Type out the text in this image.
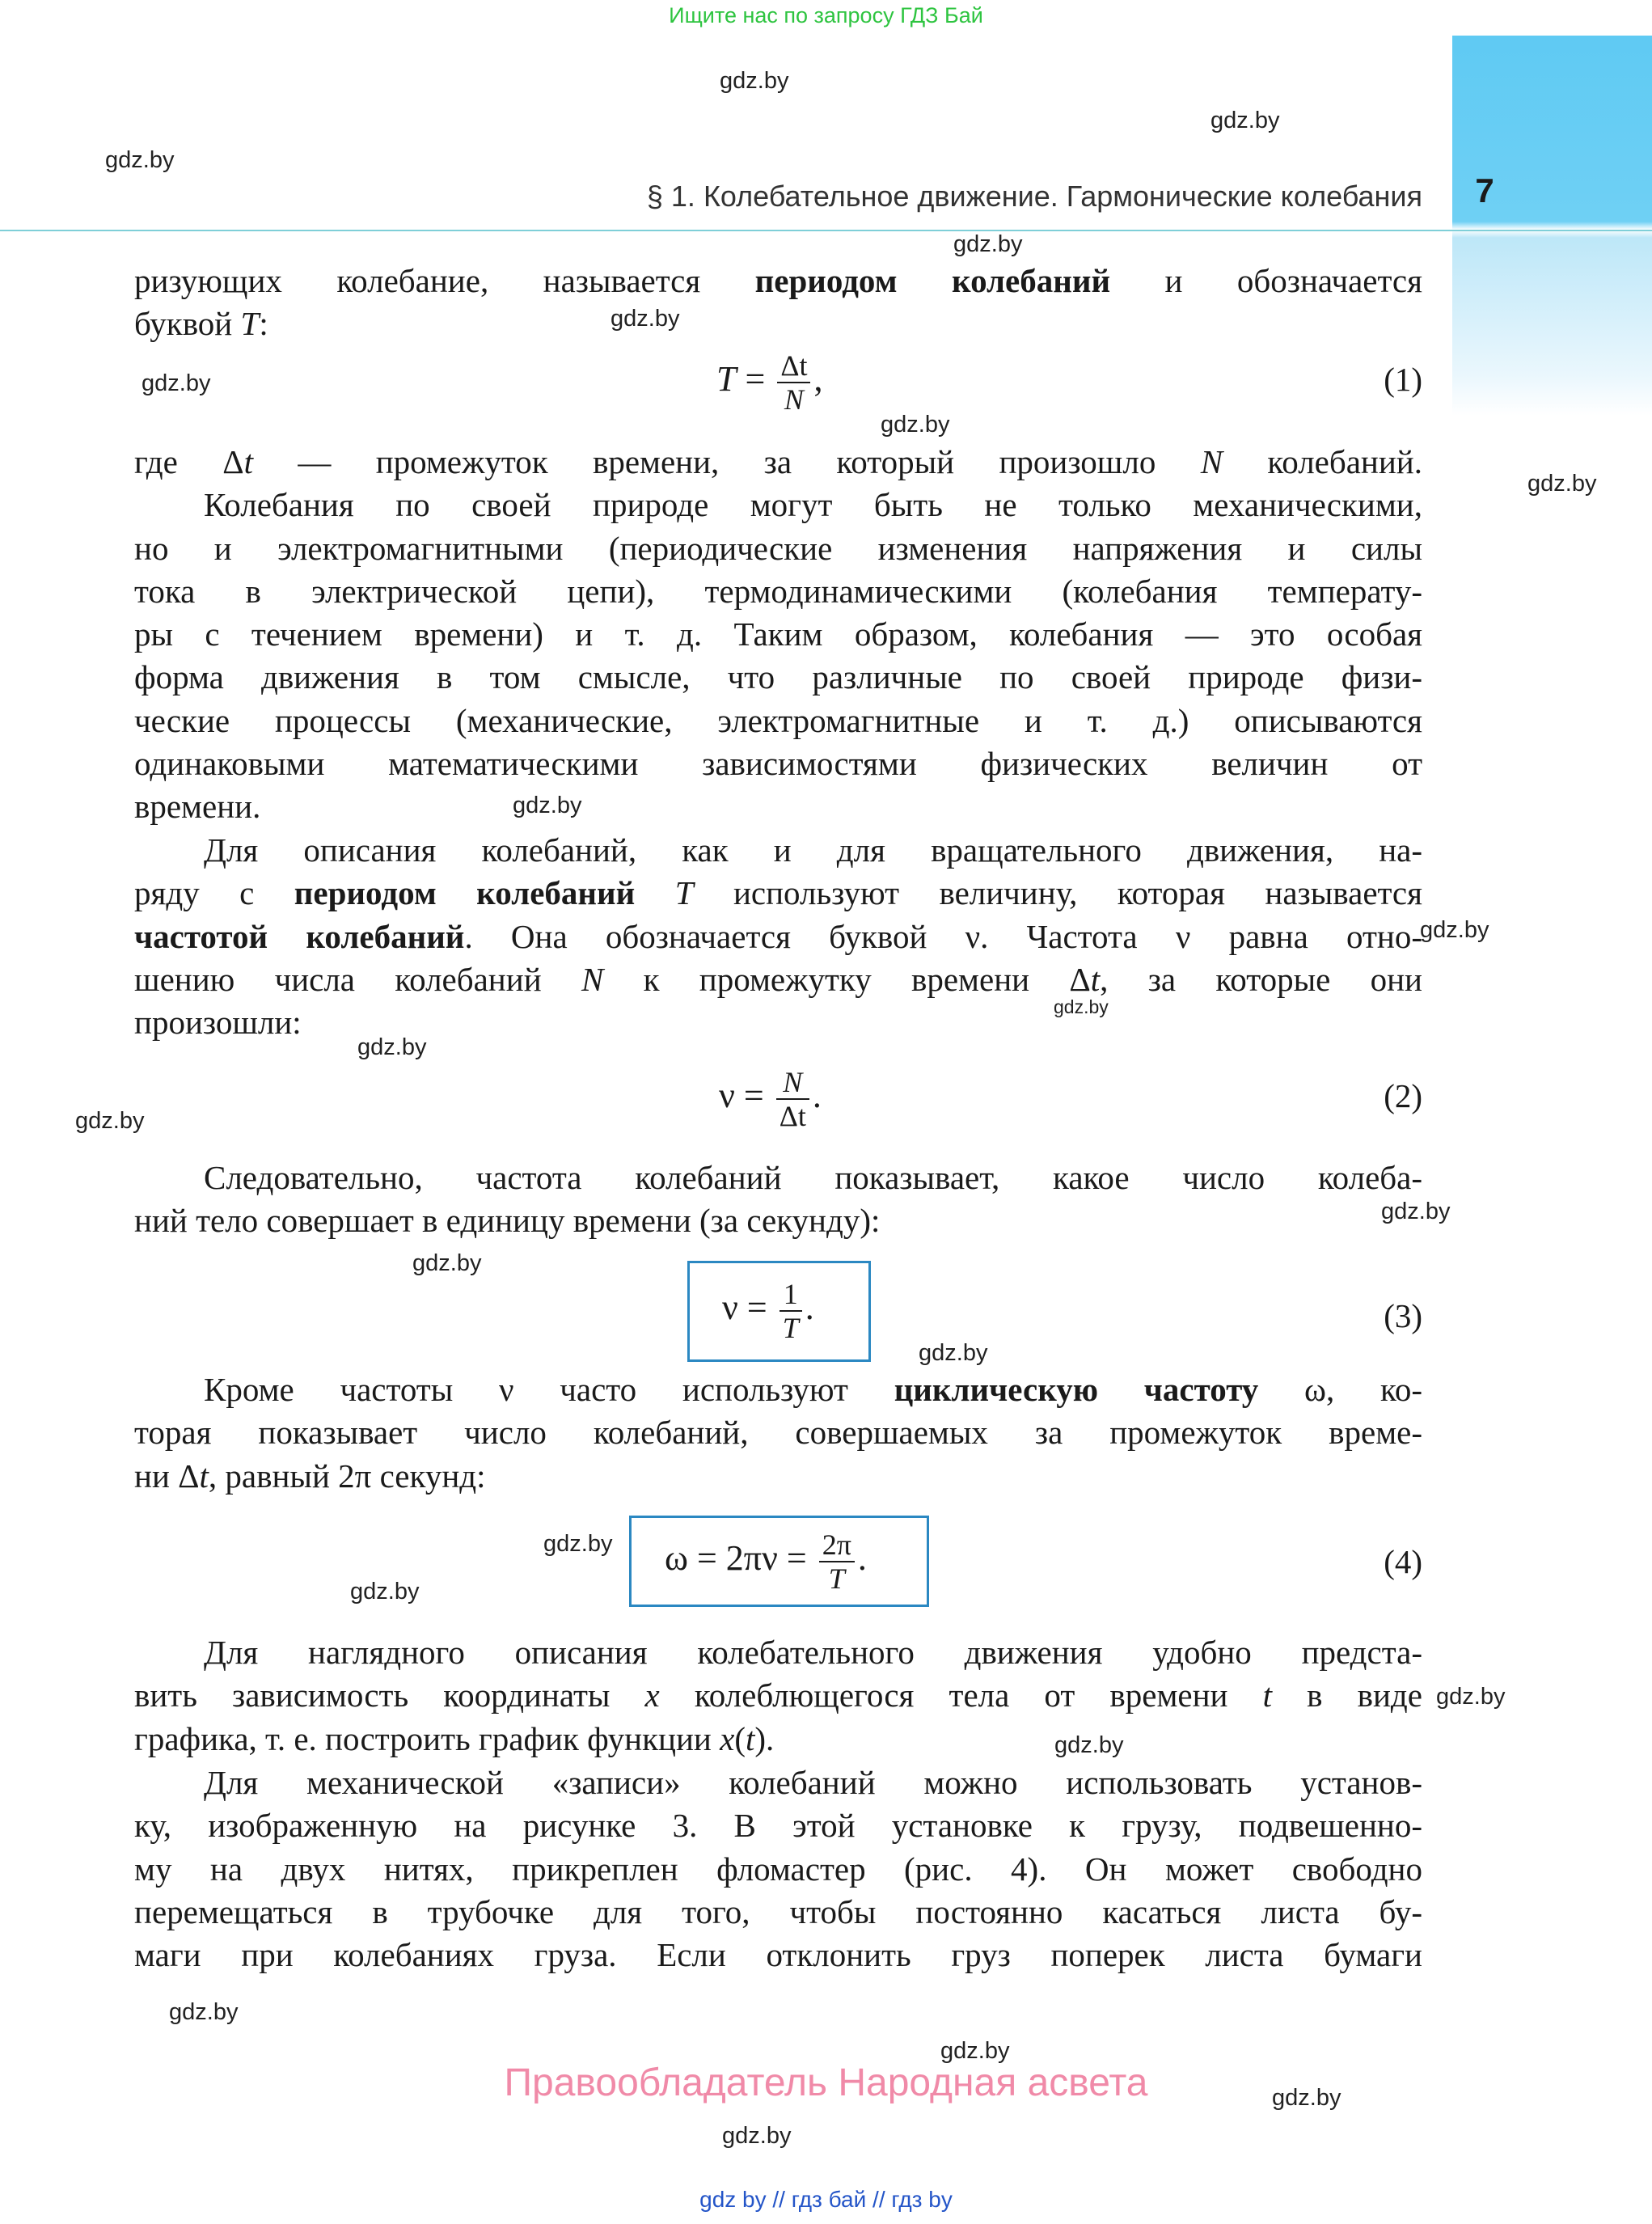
Ищите нас по запросу ГДЗ Бай
7
§ 1. Колебательное движение. Гармонические колебания

ризующих колебание, называется периодом колебаний и обозначается

буквой T:

$T = \frac{\Delta t}{N}$ ,	(1)

где Δt — промежуток времени, за который произошло N колебаний.

Колебания по своей природе могут быть не только механическими,

но и электромагнитными (периодические изменения напряжения и силы

тока в электрической цепи), термодинамическими (колебания температу-

ры с течением времени) и т. д. Таким образом, колебания — это особая

форма движения в том смысле, что различные по своей природе физи-

ческие процессы (механические, электромагнитные и т. д.) описываются

одинаковыми математическими зависимостями физических величин от

времени.

Для описания колебаний, как и для вращательного движения, на-

ряду с периодом колебаний T используют величину, которая называется

частотой колебаний. Она обозначается буквой ν. Частота ν равна отно-

шению числа колебаний N к промежутку времени Δt, за которые они

произошли:

$\nu = \frac{N}{\Delta t}$ .	(2)

Следовательно, частота колебаний показывает, какое число колеба-

ний тело совершает в единицу времени (за секунду):

$\nu = \frac{1}{T}$ .	(3)

Кроме частоты ν часто используют циклическую частоту ω, ко-

торая показывает число колебаний, совершаемых за промежуток време-

ни Δt, равный 2π секунд:

$\omega = 2\pi\nu = \frac{2\pi}{T}$ .	(4)

Для наглядного описания колебательного движения удобно предста-

вить зависимость координаты x колеблющегося тела от времени t в виде

графика, т. е. построить график функции x(t).

Для механической «записи» колебаний можно использовать установ-

ку, изображенную на рисунке 3. В этой установке к грузу, подвешенно-

му на двух нитях, прикреплен фломастер (рис. 4). Он может свободно

перемещаться в трубочке для того, чтобы постоянно касаться листа бу-

маги при колебаниях груза. Если отклонить груз поперек листа бумаги

gdz.by
gdz.by
gdz.by
gdz.by
gdz.by
gdz.by
gdz.by
gdz.by
gdz.by
gdz.by
gdz.by
gdz.by
gdz.by
gdz.by
gdz.by
gdz.by
gdz.by
gdz.by
gdz.by
gdz.by
gdz.by
gdz.by
gdz.by
gdz.by
Правообладатель Народная асвета
gdz by // гдз бай // гдз by
